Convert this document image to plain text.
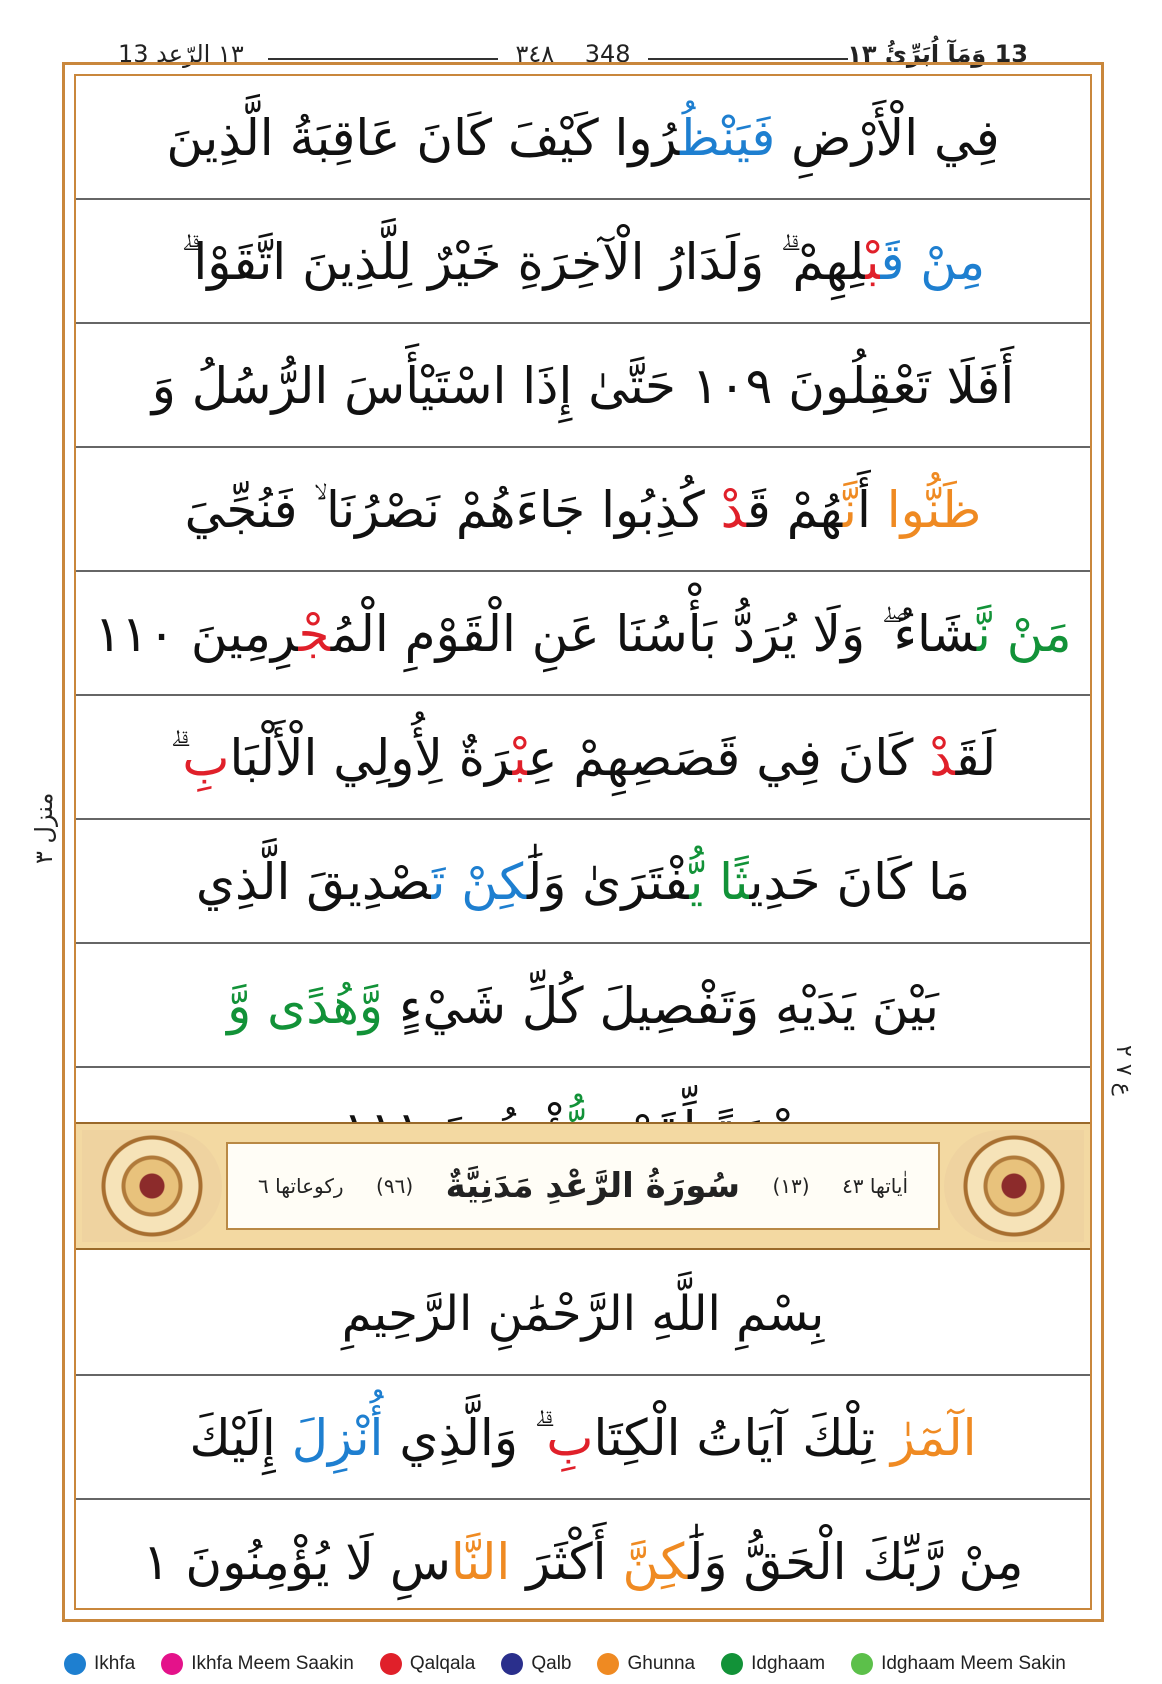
١٣ الرّعد 13	٣٤٨ 348	13 وَمَآ اُبَرِّئُ ١٣
منزل ٣
ع ٧ ٢
فِي الْأَرْضِ فَيَنْظُرُوا كَيْفَ كَانَ عَاقِبَةُ الَّذِينَ
مِنْ قَبْلِهِمْ ۗ وَلَدَارُ الْآخِرَةِ خَيْرٌ لِلَّذِينَ اتَّقَوْا ۗ
أَفَلَا تَعْقِلُونَ ١٠٩ حَتَّىٰ إِذَا اسْتَيْأَسَ الرُّسُلُ وَ
ظَنُّوا أَنَّهُمْ قَدْ كُذِبُوا جَاءَهُمْ نَصْرُنَا ۙ فَنُجِّيَ
مَنْ نَّشَاءُ ۖ وَلَا يُرَدُّ بَأْسُنَا عَنِ الْقَوْمِ الْمُجْرِمِينَ ١١٠
لَقَدْ كَانَ فِي قَصَصِهِمْ عِبْرَةٌ لِأُولِي الْأَلْبَابِ ۗ
مَا كَانَ حَدِيثًا يُّفْتَرَىٰ وَلَٰكِنْ تَصْدِيقَ الَّذِي
بَيْنَ يَدَيْهِ وَتَفْصِيلَ كُلِّ شَيْءٍ وَّهُدًى وَّ
اٰیاتھا ٤٣
(١٣)
سُورَةُ الرَّعْدِ مَدَنِيَّةٌ
(٩٦)
رکوعاتھا ٦
بِسْمِ اللَّهِ الرَّحْمَٰنِ الرَّحِيمِ
الٓمٓرٰ تِلْكَ آيَاتُ الْكِتَابِ ۗ وَالَّذِي أُنْزِلَ إِلَيْكَ
مِنْ رَّبِّكَ الْحَقُّ وَلَٰكِنَّ أَكْثَرَ النَّاسِ لَا يُؤْمِنُونَ ١
Ikhfa	Ikhfa Meem Saakin	Qalqala	Qalb	Ghunna	Idghaam	Idghaam Meem Sakin
